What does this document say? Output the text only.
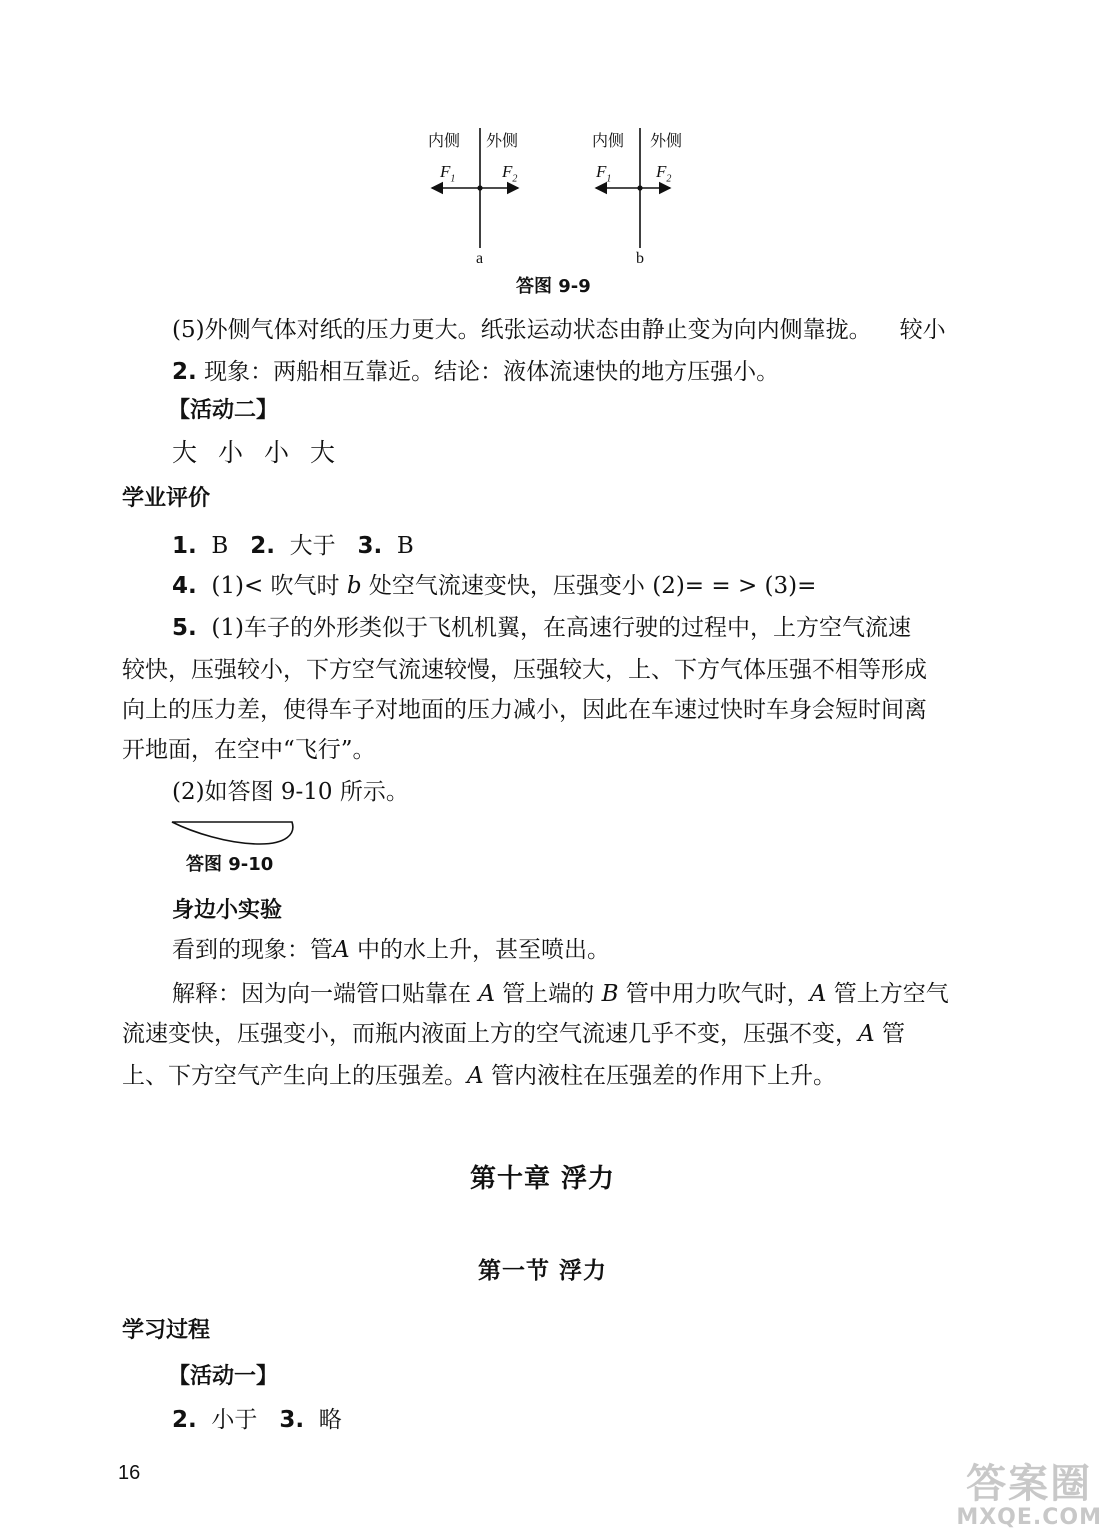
内侧 外侧
$F_1$	$F_2$
a
内侧 外侧
$F_1$	$F_2$
b
答图 9-9
(5)外侧气体对纸的压力更大。纸张运动状态由静止变为向内侧靠拢。 较小
2. 现象：两船相互靠近。结论：液体流速快的地方压强小。
【活动二】
大 小 小 大
学业评价
1. B 2. 大于 3. B
4. (1)< 吹气时 b 处空气流速变快，压强变小 (2)= = > (3)=
5. (1)车子的外形类似于飞机机翼，在高速行驶的过程中，上方空气流速
较快，压强较小，下方空气流速较慢，压强较大，上、下方气体压强不相等形成
向上的压力差，使得车子对地面的压力减小，因此在车速过快时车身会短时间离
开地面，在空中“飞行”。
(2)如答图 9-10 所示。
答图 9-10
身边小实验
看到的现象：管A 中的水上升，甚至喷出。
解释：因为向一端管口贴靠在 A 管上端的 B 管中用力吹气时，A 管上方空气
流速变快，压强变小，而瓶内液面上方的空气流速几乎不变，压强不变，A 管
上、下方空气产生向上的压强差。A 管内液柱在压强差的作用下上升。
第十章 浮力
第一节 浮力
学习过程
【活动一】
2. 小于 3. 略
16	答案圈
MXQE.COM
